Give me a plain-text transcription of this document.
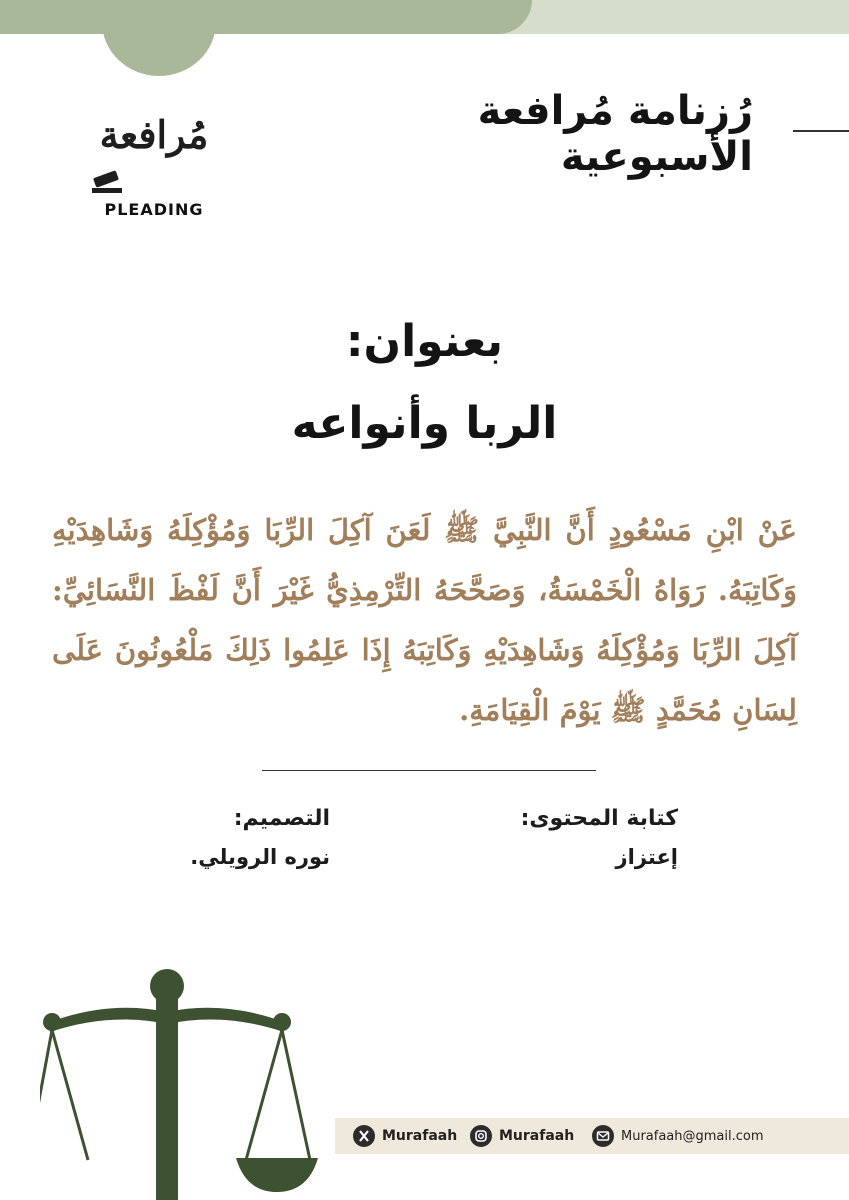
رُزنامة مُرافعة الأسبوعية
مُرافعة
PLEADING
بعنوان:
الربا وأنواعه

عَنْ ابْنِ مَسْعُودٍ أَنَّ النَّبِيَّ ﷺ لَعَنَ آكِلَ الرِّبَا وَمُؤْكِلَهُ وَشَاهِدَيْهِ وَكَاتِبَهُ. رَوَاهُ الْخَمْسَةُ، وَصَحَّحَهُ التِّرْمِذِيُّ غَيْرَ أَنَّ لَفْظَ النَّسَائِيِّ: آكِلَ الرِّبَا وَمُؤْكِلَهُ وَشَاهِدَيْهِ وَكَاتِبَهُ إِذَا عَلِمُوا ذَلِكَ مَلْعُونُونَ عَلَى لِسَانِ مُحَمَّدٍ ﷺ يَوْمَ الْقِيَامَةِ.

كتابة المحتوى:
إعتزاز
التصميم:
نوره الرويلي.
Murafaah	Murafaah	Murafaah@gmail.com
